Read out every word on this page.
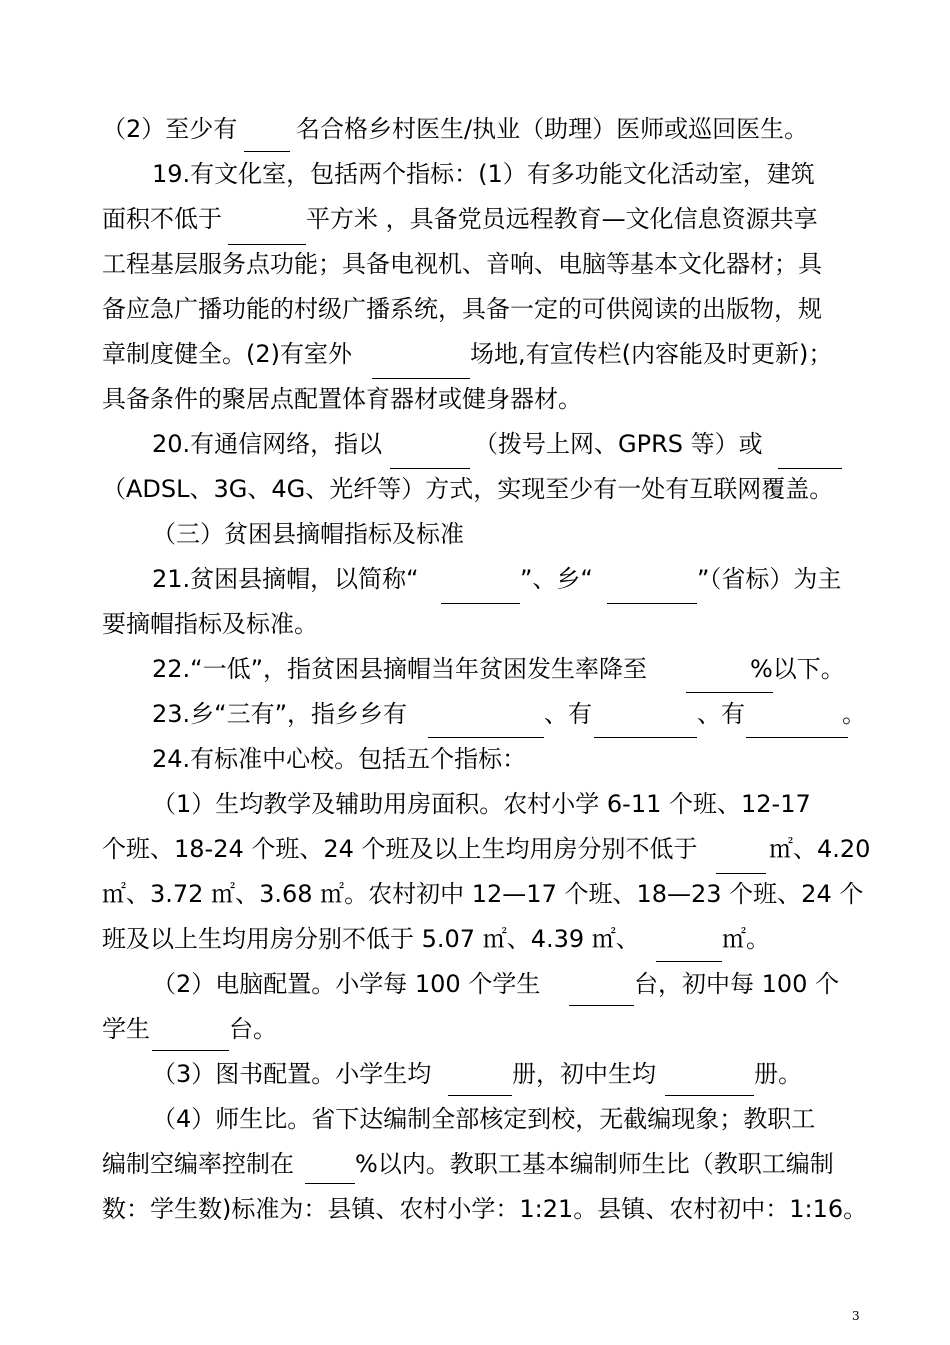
（2）至少有 名合格乡村医生/执业（助理）医师或巡回医生。
19.有文化室，包括两个指标：(1）有多功能文化活动室，建筑
面积不低于	平方米 ，具备党员远程教育—文化信息资源共享
工程基层服务点功能；具备电视机、音响、电脑等基本文化器材；具
备应急广播功能的村级广播系统，具备一定的可供阅读的出版物，规
章制度健全。(2)有室外	场地,有宣传栏(内容能及时更新)；
具备条件的聚居点配置体育器材或健身器材。
20.有通信网络，指以	（拨号上网、GPRS 等）或
（ADSL、3G、4G、光纤等）方式，实现至少有一处有互联网覆盖。
（三）贫困县摘帽指标及标准
21.贫困县摘帽，以简称“	”、乡“	”（省标）为主
要摘帽指标及标准。
22.“一低”，指贫困县摘帽当年贫困发生率降至	%以下。
23.乡“三有”，指乡乡有	、有	、有	。
24.有标准中心校。包括五个指标：
（1）生均教学及辅助用房面积。农村小学 6-11 个班、12-17
个班、18-24 个班、24 个班及以上生均用房分别不低于	㎡、4.20
㎡、3.72 ㎡、3.68 ㎡。农村初中 12—17 个班、18—23 个班、24 个
班及以上生均用房分别不低于 5.07 ㎡、4.39 ㎡、	㎡。
（2）电脑配置。小学每 100 个学生	台，初中每 100 个
学生	台。
（3）图书配置。小学生均	册，初中生均	册。
（4）师生比。省下达编制全部核定到校，无截编现象；教职工
编制空编率控制在	%以内。教职工基本编制师生比（教职工编制
数：学生数)标准为：县镇、农村小学：1:21。县镇、农村初中：1:16。
3
